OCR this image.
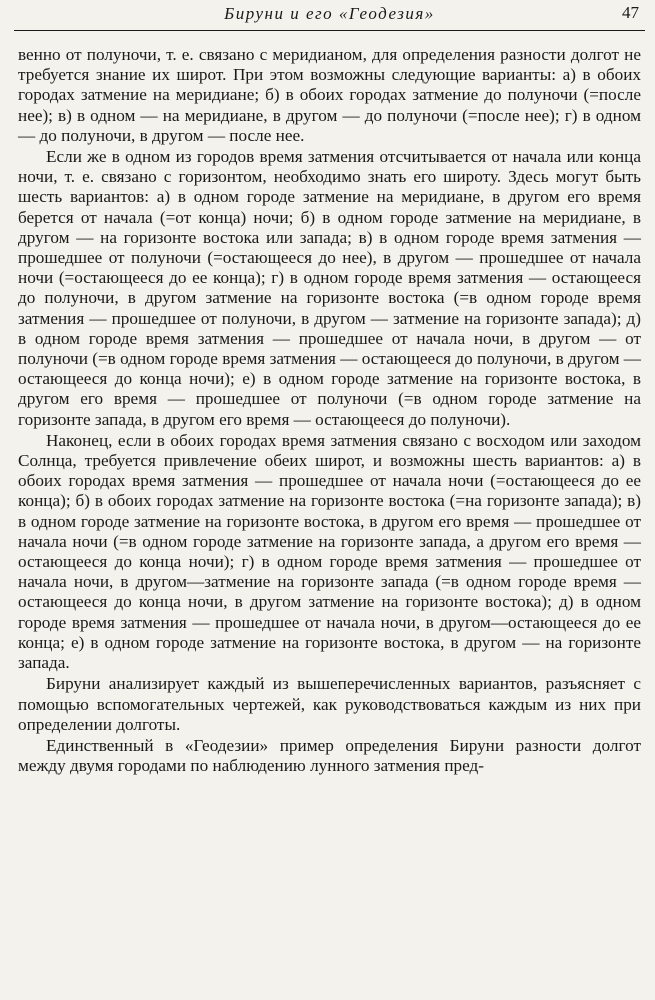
Бируни и его «Геодезия»	47

венно от полуночи, т. е. связано с меридианом, для определения разности долгот не требуется знание их широт. При этом возможны следующие варианты: а) в обоих городах затмение на меридиане; б) в обоих городах затмение до полуночи (=после нее); в) в одном — на меридиане, в другом — до полуночи (=после нее); г) в одном — до полуночи, в другом — после нее.

Если же в одном из городов время затмения отсчитывается от начала или конца ночи, т. е. связано с горизонтом, необходимо знать его широту. Здесь могут быть шесть вариантов: а) в одном городе затмение на меридиане, в другом его время берется от начала (=от конца) ночи; б) в одном городе затмение на меридиане, в другом — на горизонте востока или запада; в) в одном городе время затмения — прошедшее от полуночи (=остающееся до нее), в другом — прошедшее от начала ночи (=остающееся до ее конца); г) в одном городе время затмения — остающееся до полуночи, в другом затмение на горизонте востока (=в одном городе время затмения — прошедшее от полуночи, в другом — затмение на горизонте запада); д) в одном городе время затмения — прошедшее от начала ночи, в другом — от полуночи (=в одном городе время затмения — остающееся до полуночи, в другом — остающееся до конца ночи); е) в одном городе затмение на горизонте востока, в другом его время — прошедшее от полуночи (=в одном городе затмение на горизонте запада, в другом его время — остающееся до полуночи).

Наконец, если в обоих городах время затмения связано с восходом или заходом Солнца, требуется привлечение обеих широт, и возможны шесть вариантов: а) в обоих городах время затмения — прошедшее от начала ночи (=остающееся до ее конца); б) в обоих городах затмение на горизонте востока (=на горизонте запада); в) в одном городе затмение на горизонте востока, в другом его время — прошедшее от начала ночи (=в одном городе затмение на горизонте запада, а другом его время — остающееся до конца ночи); г) в одном городе время затмения — прошедшее от начала ночи, в другом—затмение на горизонте запада (=в одном городе время — остающееся до конца ночи, в другом затмение на горизонте востока); д) в одном городе время затмения — прошедшее от начала ночи, в другом—остающееся до ее конца; е) в одном городе затмение на горизонте востока, в другом — на горизонте запада.

Бируни анализирует каждый из вышеперечисленных вариантов, разъясняет с помощью вспомогательных чертежей, как руководствоваться каждым из них при определении долготы.

Единственный в «Геодезии» пример определения Бируни разности долгот между двумя городами по наблюдению лунного затмения пред-
